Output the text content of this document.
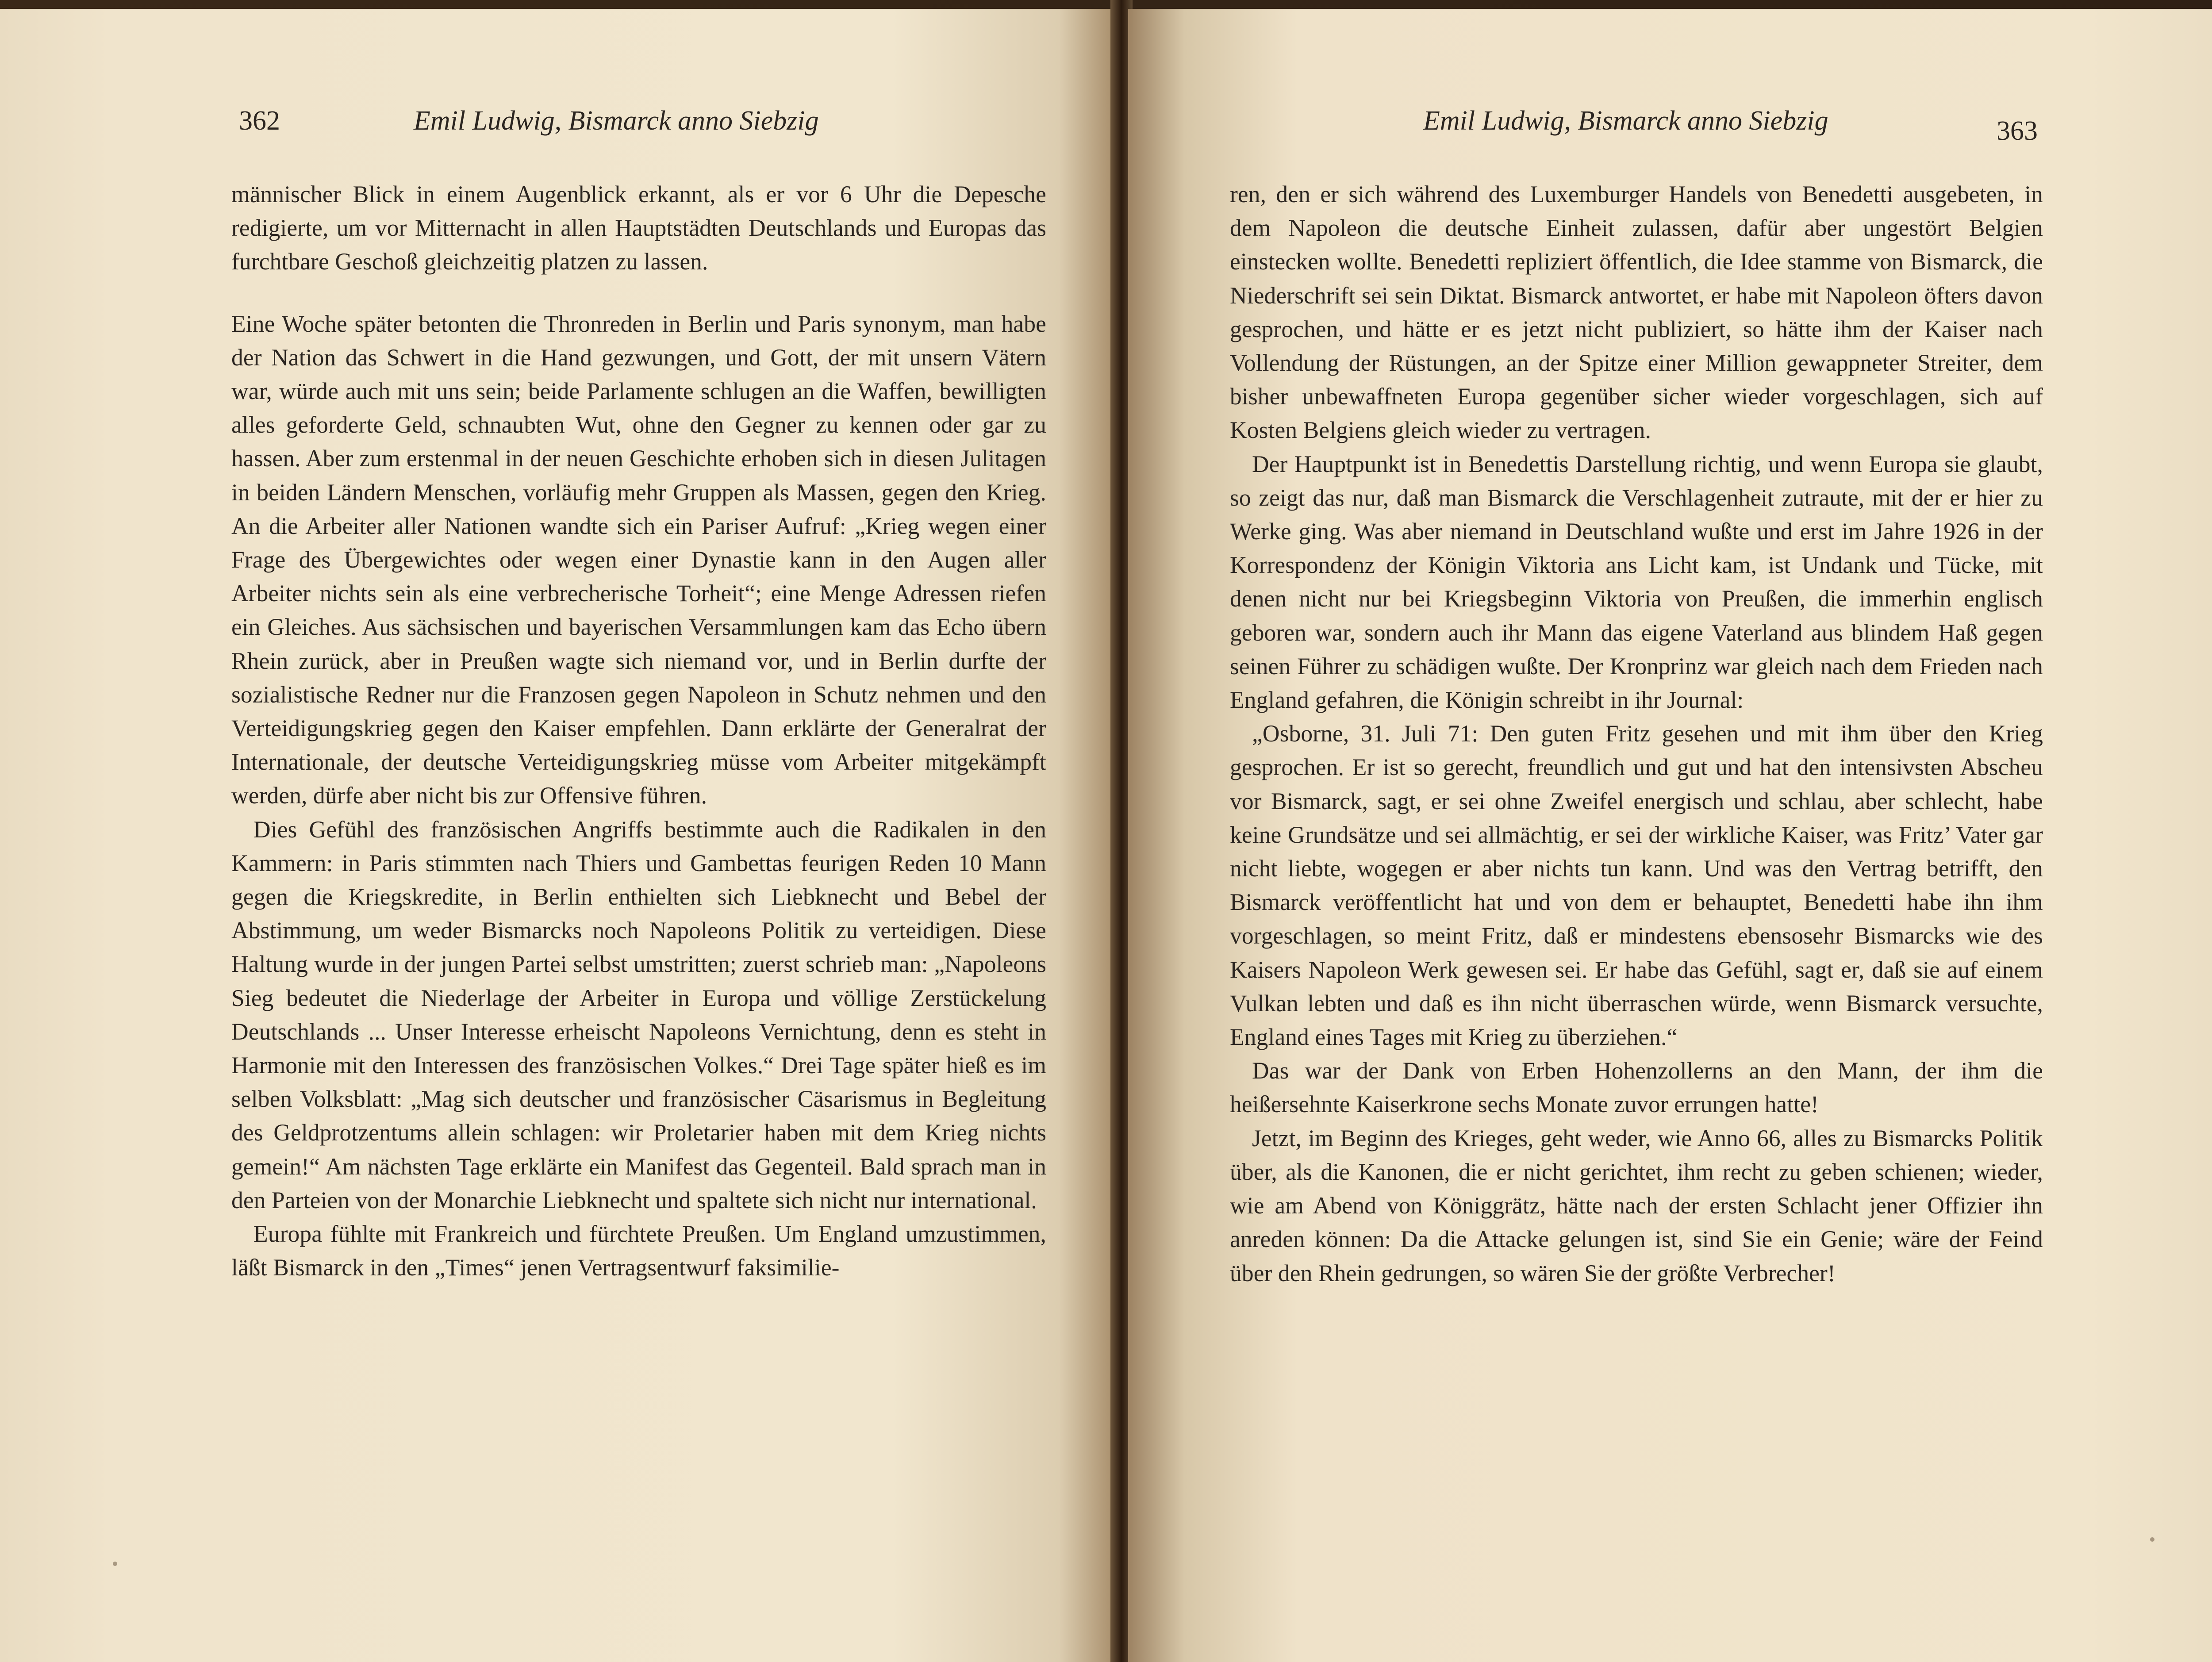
362	Emil Ludwig, Bismarck anno Siebzig

männischer Blick in einem Augenblick erkannt, als er vor 6 Uhr die Depesche redigierte, um vor Mitternacht in allen Hauptstädten Deutschlands und Europas das furchtbare Geschoß gleichzeitig platzen zu lassen.

Eine Woche später betonten die Thronreden in Berlin und Paris synonym, man habe der Nation das Schwert in die Hand gezwungen, und Gott, der mit unsern Vätern war, würde auch mit uns sein; beide Parlamente schlugen an die Waffen, bewilligten alles geforderte Geld, schnaubten Wut, ohne den Gegner zu kennen oder gar zu hassen. Aber zum erstenmal in der neuen Geschichte erhoben sich in diesen Julitagen in beiden Ländern Menschen, vorläufig mehr Gruppen als Massen, gegen den Krieg. An die Arbeiter aller Nationen wandte sich ein Pariser Aufruf: „Krieg wegen einer Frage des Übergewichtes oder wegen einer Dynastie kann in den Augen aller Arbeiter nichts sein als eine verbrecherische Torheit“; eine Menge Adressen riefen ein Gleiches. Aus sächsischen und bayerischen Versammlungen kam das Echo übern Rhein zurück, aber in Preußen wagte sich niemand vor, und in Berlin durfte der sozialistische Redner nur die Franzosen gegen Napoleon in Schutz nehmen und den Verteidigungskrieg gegen den Kaiser empfehlen. Dann erklärte der Generalrat der Internationale, der deutsche Verteidigungskrieg müsse vom Arbeiter mitgekämpft werden, dürfe aber nicht bis zur Offensive führen.

Dies Gefühl des französischen Angriffs bestimmte auch die Radikalen in den Kammern: in Paris stimmten nach Thiers und Gambettas feurigen Reden 10 Mann gegen die Kriegskredite, in Berlin enthielten sich Liebknecht und Bebel der Abstimmung, um weder Bismarcks noch Napoleons Politik zu verteidigen. Diese Haltung wurde in der jungen Partei selbst umstritten; zuerst schrieb man: „Napoleons Sieg bedeutet die Niederlage der Arbeiter in Europa und völlige Zerstückelung Deutschlands ... Unser Interesse erheischt Napoleons Vernichtung, denn es steht in Harmonie mit den Interessen des französischen Volkes.“ Drei Tage später hieß es im selben Volksblatt: „Mag sich deutscher und französischer Cäsarismus in Begleitung des Geldprotzentums allein schlagen: wir Proletarier haben mit dem Krieg nichts gemein!“ Am nächsten Tage erklärte ein Manifest das Gegenteil. Bald sprach man in den Parteien von der Monarchie Liebknecht und spaltete sich nicht nur international.

Europa fühlte mit Frankreich und fürchtete Preußen. Um England umzustimmen, läßt Bismarck in den „Times“ jenen Vertragsentwurf faksimilie-

Emil Ludwig, Bismarck anno Siebzig	363

ren, den er sich während des Luxemburger Handels von Benedetti ausgebeten, in dem Napoleon die deutsche Einheit zulassen, dafür aber ungestört Belgien einstecken wollte. Benedetti repliziert öffentlich, die Idee stamme von Bismarck, die Niederschrift sei sein Diktat. Bismarck antwortet, er habe mit Napoleon öfters davon gesprochen, und hätte er es jetzt nicht publiziert, so hätte ihm der Kaiser nach Vollendung der Rüstungen, an der Spitze einer Million gewappneter Streiter, dem bisher unbewaffneten Europa gegenüber sicher wieder vorgeschlagen, sich auf Kosten Belgiens gleich wieder zu vertragen.

Der Hauptpunkt ist in Benedettis Darstellung richtig, und wenn Europa sie glaubt, so zeigt das nur, daß man Bismarck die Verschlagenheit zutraute, mit der er hier zu Werke ging. Was aber niemand in Deutschland wußte und erst im Jahre 1926 in der Korrespondenz der Königin Viktoria ans Licht kam, ist Undank und Tücke, mit denen nicht nur bei Kriegsbeginn Viktoria von Preußen, die immerhin englisch geboren war, sondern auch ihr Mann das eigene Vaterland aus blindem Haß gegen seinen Führer zu schädigen wußte. Der Kronprinz war gleich nach dem Frieden nach England gefahren, die Königin schreibt in ihr Journal:

„Osborne, 31. Juli 71: Den guten Fritz gesehen und mit ihm über den Krieg gesprochen. Er ist so gerecht, freundlich und gut und hat den intensivsten Abscheu vor Bismarck, sagt, er sei ohne Zweifel energisch und schlau, aber schlecht, habe keine Grundsätze und sei allmächtig, er sei der wirkliche Kaiser, was Fritz’ Vater gar nicht liebte, wogegen er aber nichts tun kann. Und was den Vertrag betrifft, den Bismarck veröffentlicht hat und von dem er behauptet, Benedetti habe ihn ihm vorgeschlagen, so meint Fritz, daß er mindestens ebensosehr Bismarcks wie des Kaisers Napoleon Werk gewesen sei. Er habe das Gefühl, sagt er, daß sie auf einem Vulkan lebten und daß es ihn nicht überraschen würde, wenn Bismarck versuchte, England eines Tages mit Krieg zu überziehen.“

Das war der Dank von Erben Hohenzollerns an den Mann, der ihm die heißersehnte Kaiserkrone sechs Monate zuvor errungen hatte!

Jetzt, im Beginn des Krieges, geht weder, wie Anno 66, alles zu Bismarcks Politik über, als die Kanonen, die er nicht gerichtet, ihm recht zu geben schienen; wieder, wie am Abend von Königgrätz, hätte nach der ersten Schlacht jener Offizier ihn anreden können: Da die Attacke gelungen ist, sind Sie ein Genie; wäre der Feind über den Rhein gedrungen, so wären Sie der größte Verbrecher!
